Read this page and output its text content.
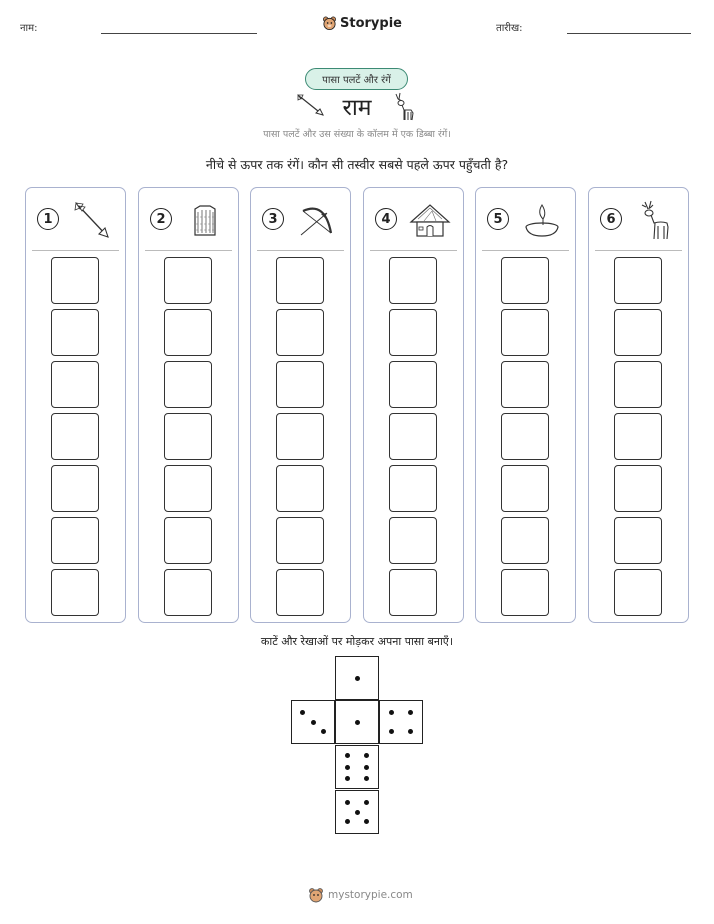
नाम:	Storypie	तारीख:
पासा पलटें और रंगें
राम
पासा पलटें और उस संख्या के कॉलम में एक डिब्बा रंगें।
नीचे से ऊपर तक रंगें। कौन सी तस्वीर सबसे पहले ऊपर पहुँचती है?
1	2	3	4	5	6
काटें और रेखाओं पर मोड़कर अपना पासा बनाएँ।
mystorypie.com
